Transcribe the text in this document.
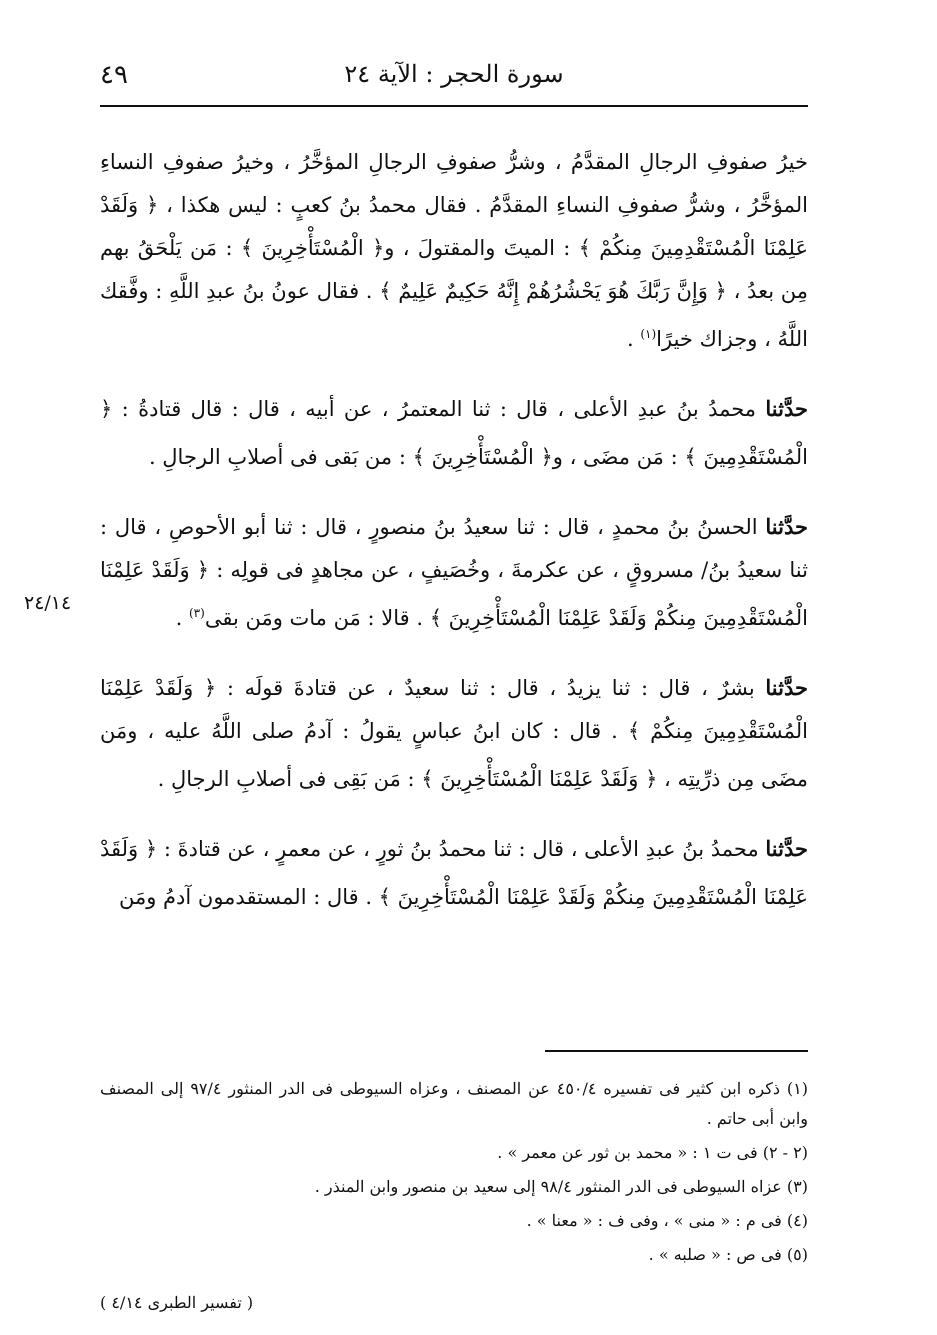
سورة الحجر : الآية ٢٤
٤٩
٢٤/١٤

خيرُ صفوفِ الرجالِ المقدَّمُ ، وشرُّ صفوفِ الرجالِ المؤخَّرُ ، وخيرُ صفوفِ النساءِ المؤخَّرُ ، وشرُّ صفوفِ النساءِ المقدَّمُ . فقال محمدُ بنُ كعبٍ : ليس هكذا ، ﴿ وَلَقَدْ عَلِمْنَا الْمُسْتَقْدِمِينَ مِنكُمْ ﴾ : الميتَ والمقتولَ ، و﴿ الْمُسْتَأْخِرِينَ ﴾ : مَن يَلْحَقُ بهم مِن بعدُ ، ﴿ وَإِنَّ رَبَّكَ هُوَ يَحْشُرُهُمْ إِنَّهُ حَكِيمٌ عَلِيمٌ ﴾ . فقال عونُ بنُ عبدِ اللَّهِ : وفَّقك اللَّهُ ، وجزاك خيرًا$^{(١)}$ .

حدَّثنا محمدُ بنُ عبدِ الأعلى ، قال : ثنا المعتمرُ ، عن أبيه ، قال : قال قتادةُ : ﴿ الْمُسْتَقْدِمِينَ ﴾ : مَن مضَى ، و﴿ الْمُسْتَأْخِرِينَ ﴾ : من بَقى فى أصلابِ الرجالِ .

حدَّثنا الحسنُ بنُ محمدٍ ، قال : ثنا سعيدُ بنُ منصورٍ ، قال : ثنا أبو الأحوصِ ، قال : ثنا سعيدُ بنُ/ مسروقٍ ، عن عكرمةَ ، وخُصَيفٍ ، عن مجاهدٍ فى قولِه : ﴿ وَلَقَدْ عَلِمْنَا الْمُسْتَقْدِمِينَ مِنكُمْ وَلَقَدْ عَلِمْنَا الْمُسْتَأْخِرِينَ ﴾ . قالا : مَن مات ومَن بقى$^{(٣)}$ .

حدَّثنا بشرٌ ، قال : ثنا يزيدُ ، قال : ثنا سعيدٌ ، عن قتادةَ قولَه : ﴿ وَلَقَدْ عَلِمْنَا الْمُسْتَقْدِمِينَ مِنكُمْ ﴾ . قال : كان ابنُ عباسٍ يقولُ : آدمُ صلى اللَّهُ عليه ، ومَن مضَى مِن ذرِّيتِه ، ﴿ وَلَقَدْ عَلِمْنَا الْمُسْتَأْخِرِينَ ﴾ : مَن بَقِى فى أصلابِ الرجالِ .

حدَّثنا محمدُ بنُ عبدِ الأعلى ، قال : ثنا محمدُ بنُ ثورٍ ، عن معمرٍ ، عن قتادةَ : ﴿ وَلَقَدْ عَلِمْنَا الْمُسْتَقْدِمِينَ مِنكُمْ وَلَقَدْ عَلِمْنَا الْمُسْتَأْخِرِينَ ﴾ . قال : المستقدمون آدمُ ومَن

(١) ذكره ابن كثير فى تفسيره ٤٥٠/٤ عن المصنف ، وعزاه السيوطى فى الدر المنثور ٩٧/٤ إلى المصنف وابن أبى حاتم .

(٢ - ٢) فى ت ١ : « محمد بن ثور عن معمر » .

(٣) عزاه السيوطى فى الدر المنثور ٩٨/٤ إلى سعيد بن منصور وابن المنذر .

(٤) فى م : « منى » ، وفى ف : « معنا » .

(٥) فى ص : « صلبه » .

( تفسير الطبرى ٤/١٤ )
